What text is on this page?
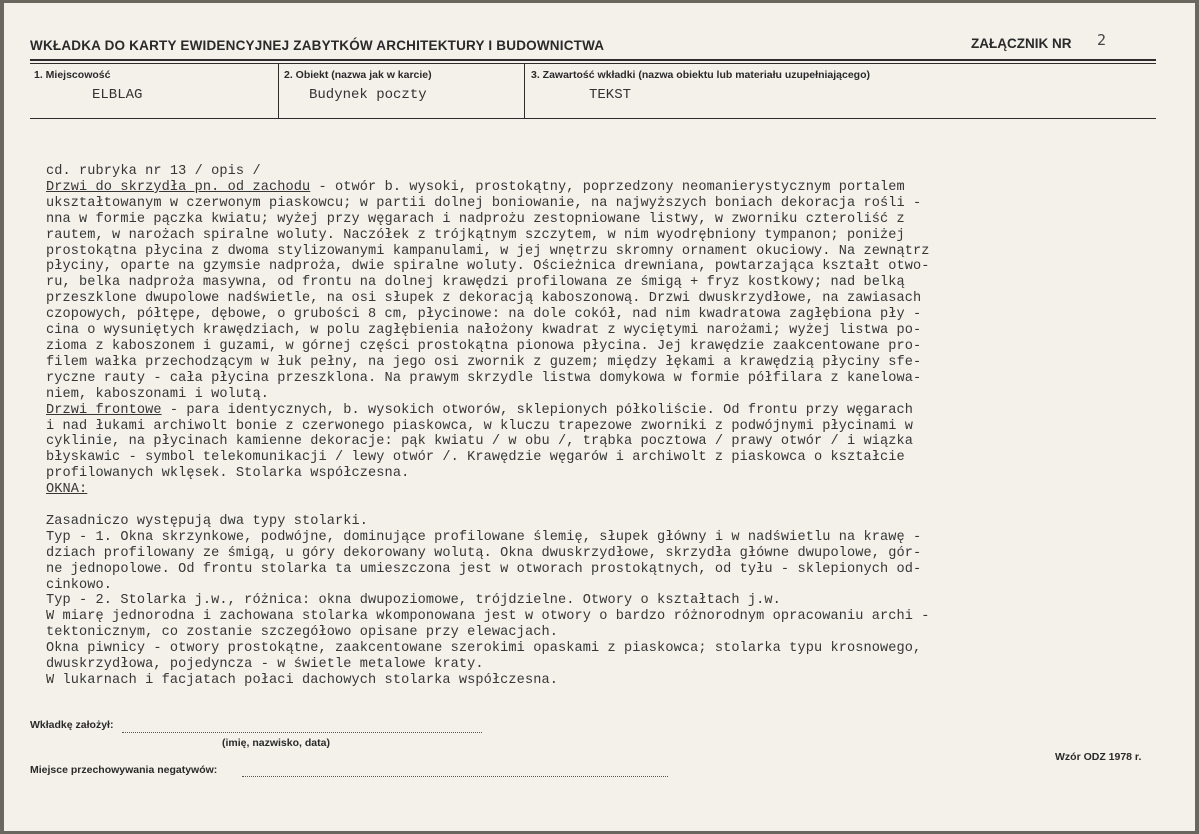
WKŁADKA DO KARTY EWIDENCYJNEJ ZABYTKÓW ARCHITEKTURY I BUDOWNICTWA	ZAŁĄCZNIK NR 2
1. Miejscowość
ELBLAG
2. Obiekt (nazwa jak w karcie)
Budynek poczty
3. Zawartość wkładki (nazwa obiektu lub materiału uzupełniającego)
TEKST
cd. rubryka nr 13 / opis /
Drzwi do skrzydła pn. od zachodu - otwór b. wysoki, prostokątny, poprzedzony neomanierystycznym portalem
ukształtowanym w czerwonym piaskowcu; w partii dolnej boniowanie, na najwyższych boniach dekoracja rośli -
nna w formie pączka kwiatu; wyżej przy węgarach i nadprożu zestopniowane listwy, w zworniku czteroliść z
rautem, w narożach spiralne woluty. Naczółek z trójkątnym szczytem, w nim wyodrębniony tympanon; poniżej
prostokątna płycina z dwoma stylizowanymi kampanulami, w jej wnętrzu skromny ornament okuciowy. Na zewnątrz
płyciny, oparte na gzymsie nadproża, dwie spiralne woluty. Ościeżnica drewniana, powtarzająca kształt otwo-
ru, belka nadproża masywna, od frontu na dolnej krawędzi profilowana ze śmigą + fryz kostkowy; nad belką
przeszklone dwupolowe nadświetle, na osi słupek z dekoracją kaboszonową. Drzwi dwuskrzydłowe, na zawiasach
czopowych, półtępe, dębowe, o grubości 8 cm, płycinowe: na dole cokół, nad nim kwadratowa zagłębiona pły -
cina o wysuniętych krawędziach, w polu zagłębienia nałożony kwadrat z wyciętymi narożami; wyżej listwa po-
zioma z kaboszonem i guzami, w górnej części prostokątna pionowa płycina. Jej krawędzie zaakcentowane pro-
filem wałka przechodzącym w łuk pełny, na jego osi zwornik z guzem; między łękami a krawędzią płyciny sfe-
ryczne rauty - cała płycina przeszklona. Na prawym skrzydle listwa domykowa w formie półfilara z kanelowa-
niem, kaboszonami i wolutą.
Drzwi frontowe - para identycznych, b. wysokich otworów, sklepionych półkoliście. Od frontu przy węgarach
i nad łukami archiwolt bonie z czerwonego piaskowca, w kluczu trapezowe zworniki z podwójnymi płycinami w
cyklinie, na płycinach kamienne dekoracje: pąk kwiatu / w obu /, trąbka pocztowa / prawy otwór / i wiązka
błyskawic - symbol telekomunikacji / lewy otwór /. Krawędzie węgarów i archiwolt z piaskowca o kształcie
profilowanych wklęsek. Stolarka współczesna.
OKNA:

Zasadniczo występują dwa typy stolarki.
Typ - 1. Okna skrzynkowe, podwójne, dominujące profilowane ślemię, słupek główny i w nadświetlu na krawę -
dziach profilowany ze śmigą, u góry dekorowany wolutą. Okna dwuskrzydłowe, skrzydła główne dwupolowe, gór-
ne jednopolowe. Od frontu stolarka ta umieszczona jest w otworach prostokątnych, od tyłu - sklepionych od-
cinkowo.
Typ - 2. Stolarka j.w., różnica: okna dwupoziomowe, trójdzielne. Otwory o kształtach j.w.
W miarę jednorodna i zachowana stolarka wkomponowana jest w otwory o bardzo różnorodnym opracowaniu archi -
tektonicznym, co zostanie szczegółowo opisane przy elewacjach.
Okna piwnicy - otwory prostokątne, zaakcentowane szerokimi opaskami z piaskowca; stolarka typu krosnowego,
dwuskrzydłowa, pojedyncza - w świetle metalowe kraty.
W lukarnach i facjatach połaci dachowych stolarka współczesna.
Wkładkę założył:
(imię, nazwisko, data)
Wzór ODZ 1978 r.
Miejsce przechowywania negatywów:
